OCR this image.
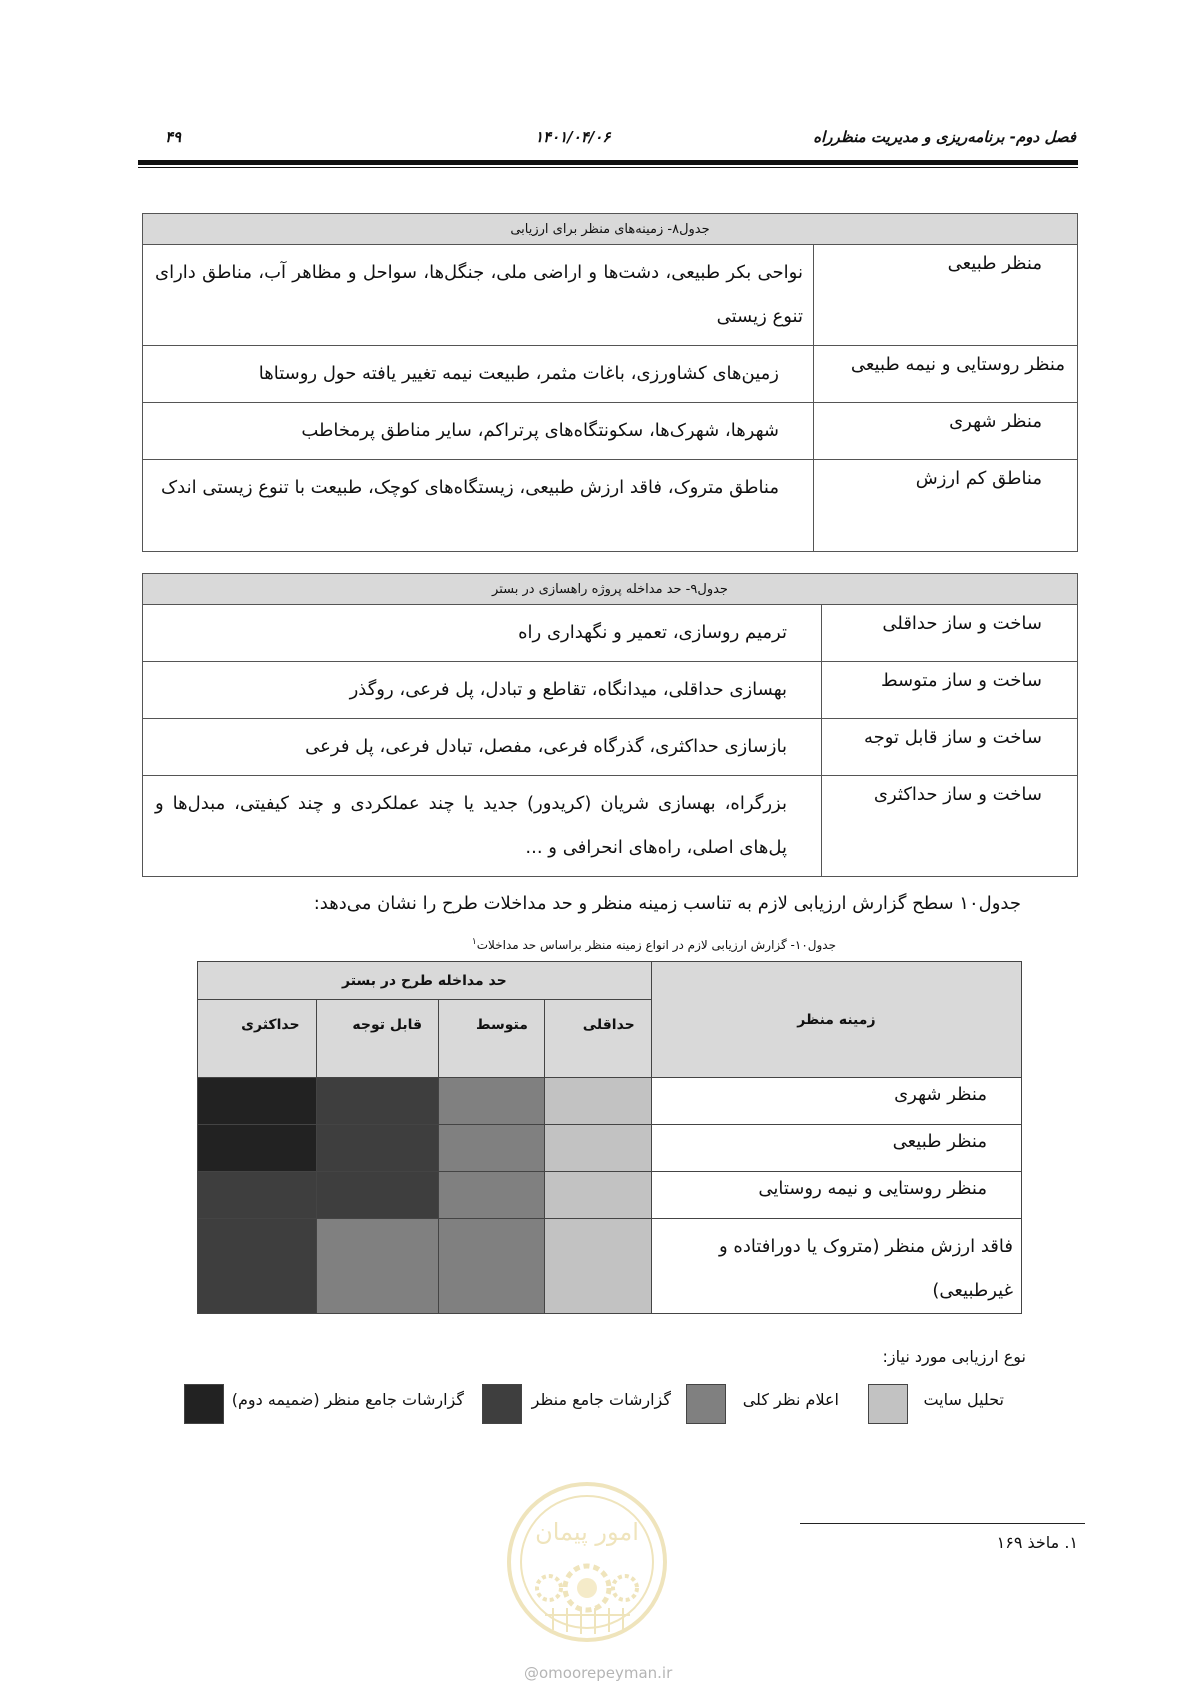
۴۹	۱۴۰۱/۰۴/۰۶	فصل دوم- برنامه‌ریزی و مدیریت منظرراه
جدول۸- زمینه‌های منظر برای ارزیابی	
منظر طبیعی	نواحی بکر طبیعی، دشت‌ها و اراضی ملی، جنگل‌ها، سواحل و مظاهر آب، مناطق دارای تنوع زیستی
منظر روستایی و نیمه طبیعی	زمین‌های کشاورزی، باغات مثمر، طبیعت نیمه تغییر یافته حول روستاها
منظر شهری	شهرها، شهرک‌ها، سکونتگاه‌های پرتراکم، سایر مناطق پرمخاطب
مناطق کم ارزش	مناطق متروک، فاقد ارزش طبیعی، زیستگاه‌های کوچک، طبیعت با تنوع زیستی اندک
جدول۹- حد مداخله پروژه راهسازی در بستر	
ساخت و ساز حداقلی	ترمیم روسازی، تعمیر و نگهداری راه
ساخت و ساز متوسط	بهسازی حداقلی، میدانگاه، تقاطع و تبادل، پل فرعی، روگذر
ساخت و ساز قابل توجه	بازسازی حداکثری، گذرگاه فرعی، مفصل، تبادل فرعی، پل فرعی
ساخت و ساز حداکثری	بزرگراه، بهسازی شریان (کریدور) جدید یا چند عملکردی و چند کیفیتی، مبدل‌ها و پل‌های اصلی، راه‌های انحرافی و ...
جدول۱۰ سطح گزارش ارزیابی لازم به تناسب زمینه منظر و حد مداخلات طرح را نشان می‌دهد:
جدول۱۰- گزارش ارزیابی لازم در انواع زمینه منظر براساس حد مداخلات$^۱$
زمینه منظر	حد مداخله طرح در بستر			
	حداقلی	متوسط	قابل توجه	حداکثری
منظر شهری				
منظر طبیعی				
منظر روستایی و نیمه روستایی				
فاقد ارزش منظر (متروک یا دورافتاده و غیرطبیعی)				
نوع ارزیابی مورد نیاز:
تحلیل سایت
اعلام نظر کلی
گزارشات جامع منظر
گزارشات جامع منظر (ضمیمه دوم)
امور پیمان
@omoorepeyman.ir
۱. ماخذ ۱۶۹
